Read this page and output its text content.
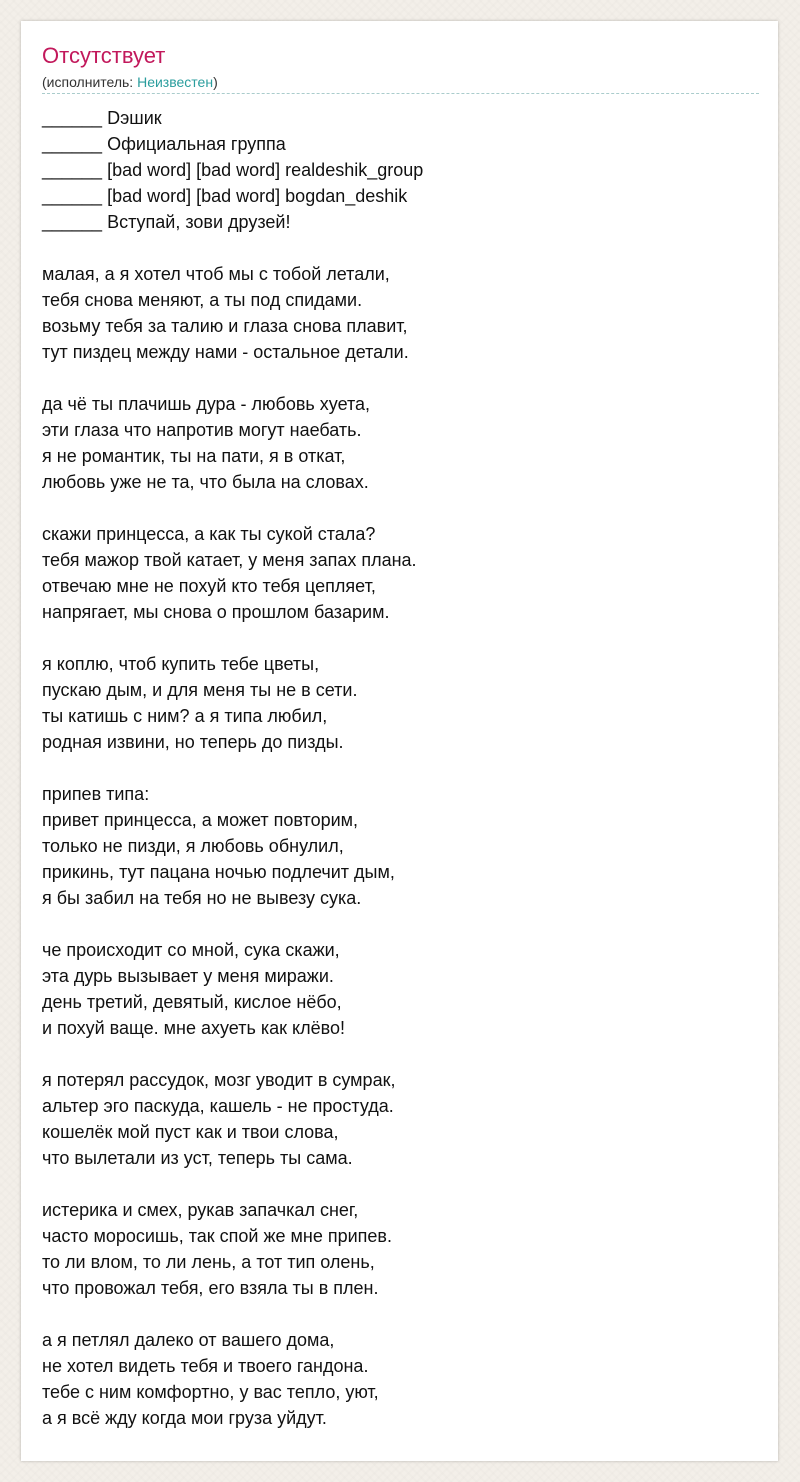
Отсутствует
(исполнитель: Неизвестен)
______ Dэшик
______ Официальная группа
______ [bad word] [bad word] realdeshik_group
______ [bad word] [bad word] bogdan_deshik
______ Вступай, зови друзей!
малая, а я хотел чтоб мы с тобой летали,
тебя снова меняют, а ты под спидами.
возьму тебя за талию и глаза снова плавит,
тут пиздец между нами - остальное детали.
да чё ты плачишь дура - любовь хуета,
эти глаза что напротив могут наебать.
я не романтик, ты на пати, я в откат,
любовь уже не та, что была на словах.
скажи принцесса, а как ты сукой стала?
тебя мажор твой катает, у меня запах плана.
отвечаю мне не похуй кто тебя цепляет,
напрягает, мы снова о прошлом базарим.
я коплю, чтоб купить тебе цветы,
пускаю дым, и для меня ты не в сети.
ты катишь с ним? а я типа любил,
родная извини, но теперь до пизды.
припев типа:
привет принцесса, а может повторим,
только не пизди, я любовь обнулил,
прикинь, тут пацана ночью подлечит дым,
я бы забил на тебя но не вывезу сука.
че происходит со мной, сука скажи,
эта дурь вызывает у меня миражи.
день третий, девятый, кислое нёбо,
и похуй ваще. мне ахуеть как клёво!
я потерял рассудок, мозг уводит в сумрак,
альтер эго паскуда, кашель - не простуда.
кошелёк мой пуст как и твои слова,
что вылетали из уст, теперь ты сама.
истерика и смех, рукав запачкал снег,
часто моросишь, так спой же мне припев.
то ли влом, то ли лень, а тот тип олень,
что провожал тебя, его взяла ты в плен.
а я петлял далеко от вашего дома,
не хотел видеть тебя и твоего гандона.
тебе с ним комфортно, у вас тепло, уют,
а я всё жду когда мои груза уйдут.
